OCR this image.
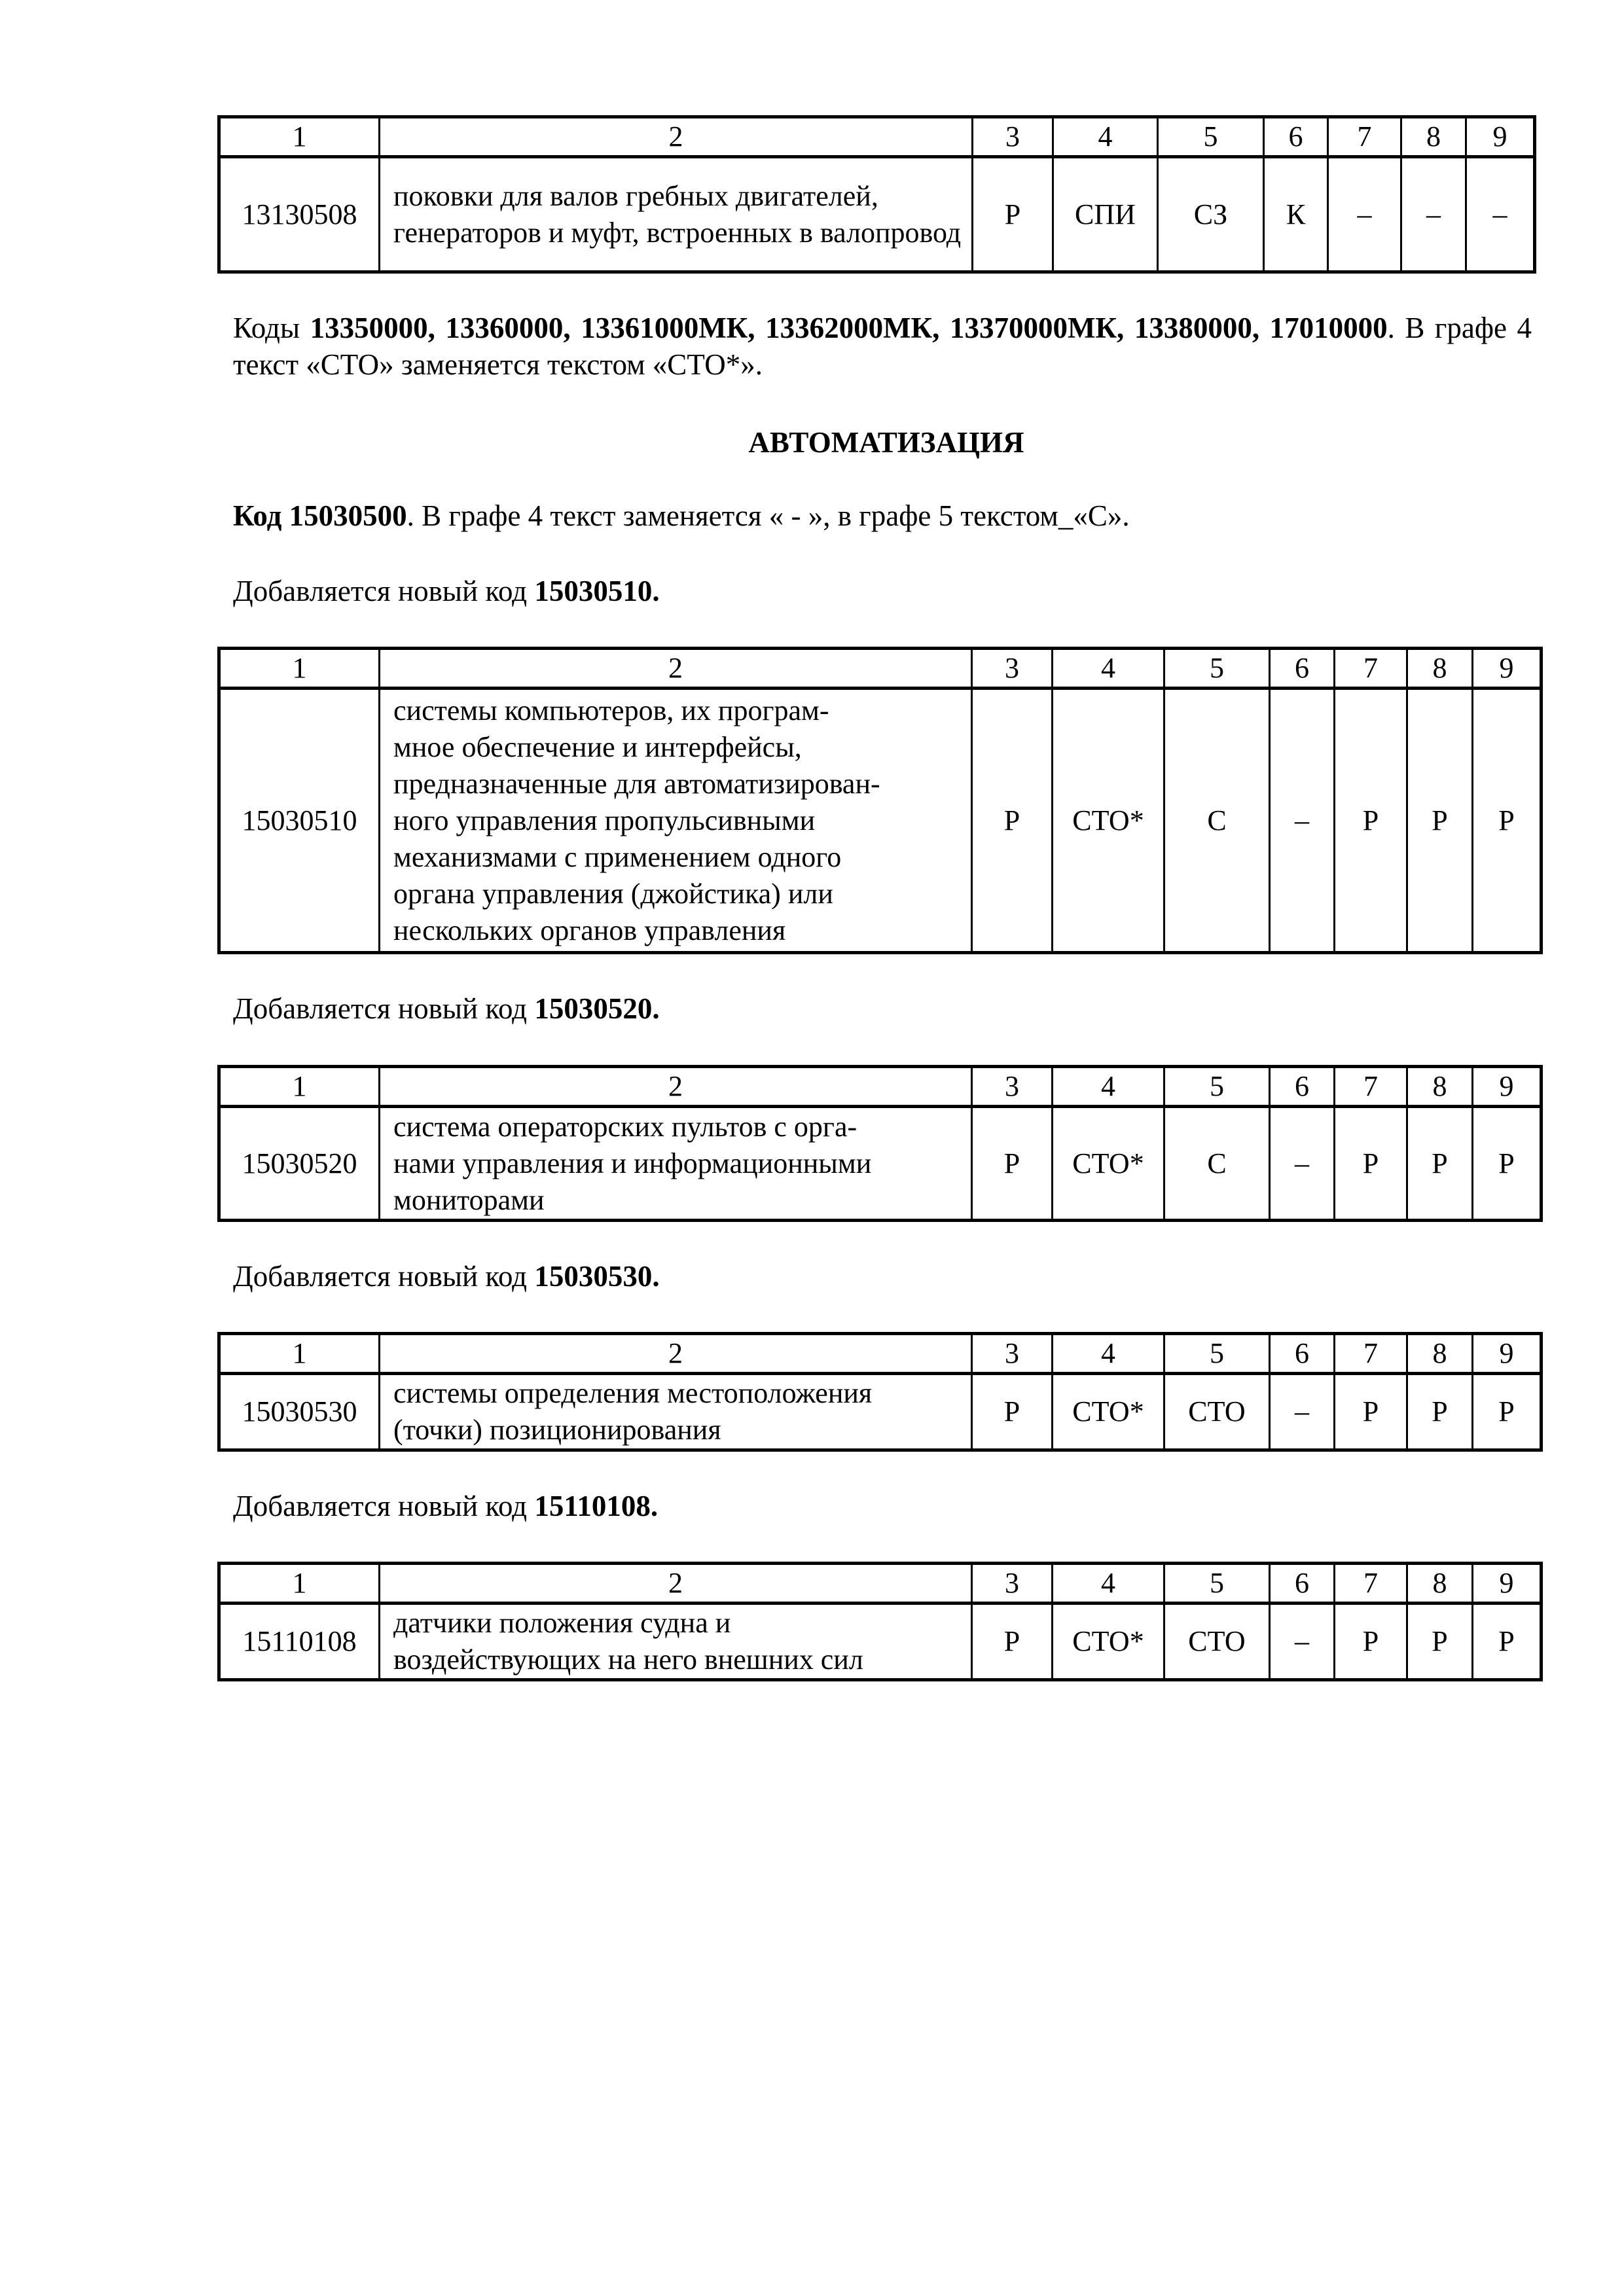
1	2	3	4	5	6	7	8	9
13130508	поковки для валов гребных двигателей, генераторов и муфт, встроенных в валопровод	Р	СПИ	СЗ	К	–	–	–

Коды 13350000, 13360000, 13361000МК, 13362000МК, 13370000МК, 13380000, 17010000. В графе 4 текст «СТО» заменяется текстом «СТО*».

АВТОМАТИЗАЦИЯ

Код 15030500. В графе 4 текст заменяется « - », в графе 5 текстом_«С».

Добавляется новый код 15030510.

1	2	3	4	5	6	7	8	9
15030510	
системы компьютеров, их програм-
мное обеспечение и интерфейсы,
предназначенные для автоматизирован-
ного управления пропульсивными
механизмами с применением одного
органа управления (джойстика) или
нескольких органов управления
	Р	СТО*	С	–	Р	Р	Р

Добавляется новый код 15030520.

1	2	3	4	5	6	7	8	9
15030520	система операторских пультов с орга-
нами управления и информационными
мониторами	Р	СТО*	С	–	Р	Р	Р

Добавляется новый код 15030530.

1	2	3	4	5	6	7	8	9
15030530	системы определения местоположения
(точки) позиционирования	Р	СТО*	СТО	–	Р	Р	Р

Добавляется новый код 15110108.

1	2	3	4	5	6	7	8	9
15110108	датчики положения судна и
воздействующих на него внешних сил	Р	СТО*	СТО	–	Р	Р	Р
